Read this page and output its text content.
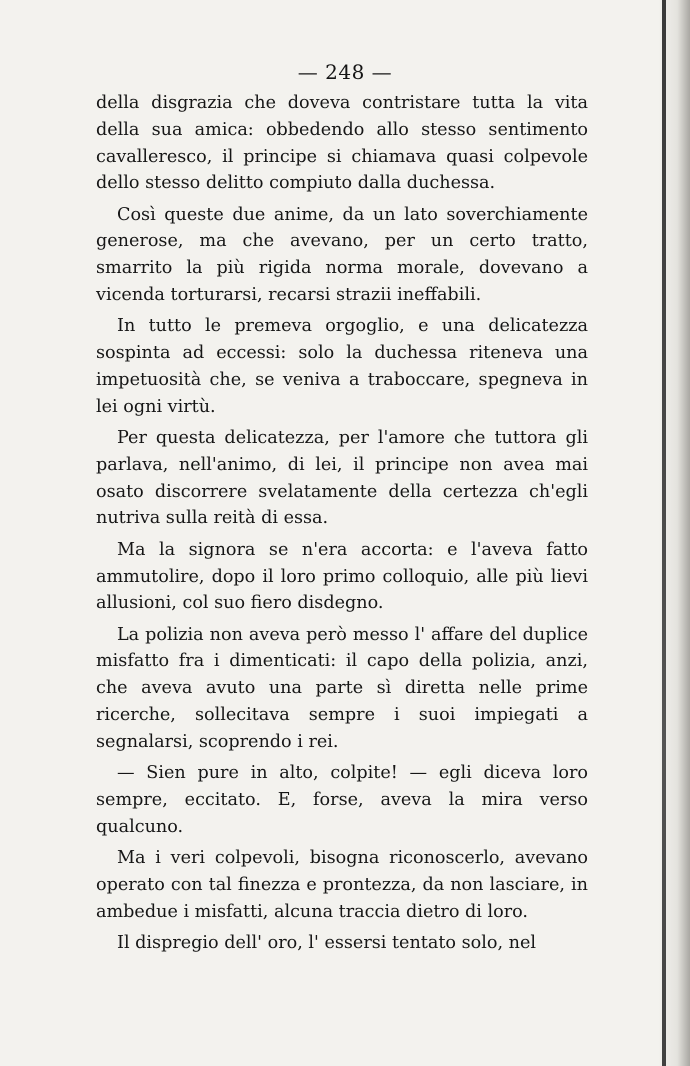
— 248 —

della disgrazia che doveva contristare tutta la vita della sua amica: obbedendo allo stesso sentimento cavalleresco, il principe si chiamava quasi colpevole dello stesso delitto compiuto dalla duchessa.

Così queste due anime, da un lato soverchiamente generose, ma che avevano, per un certo tratto, smarrito la più rigida norma morale, dovevano a vicenda torturarsi, recarsi strazii ineffabili.

In tutto le premeva orgoglio, e una delicatezza sospinta ad eccessi: solo la duchessa riteneva una impetuosità che, se veniva a traboccare, spegneva in lei ogni virtù.

Per questa delicatezza, per l'amore che tuttora gli parlava, nell'animo, di lei, il principe non avea mai osato discorrere svelatamente della certezza ch'egli nutriva sulla reità di essa.

Ma la signora se n'era accorta: e l'aveva fatto ammutolire, dopo il loro primo colloquio, alle più lievi allusioni, col suo fiero disdegno.

La polizia non aveva però messo l' affare del duplice misfatto fra i dimenticati: il capo della polizia, anzi, che aveva avuto una parte sì diretta nelle prime ricerche, sollecitava sempre i suoi impiegati a segnalarsi, scoprendo i rei.

— Sien pure in alto, colpite! — egli diceva loro sempre, eccitato. E, forse, aveva la mira verso qualcuno.

Ma i veri colpevoli, bisogna riconoscerlo, avevano operato con tal finezza e prontezza, da non lasciare, in ambedue i misfatti, alcuna traccia dietro di loro.

Il dispregio dell' oro, l' essersi tentato solo, nel
